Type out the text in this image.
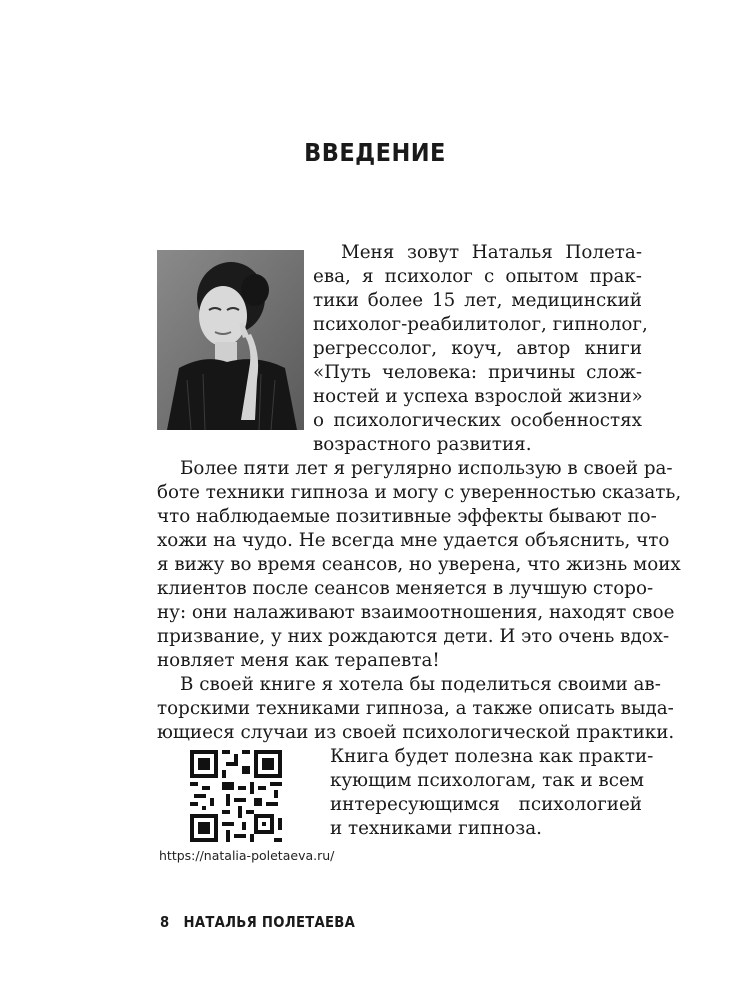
ВВЕДЕНИЕ
Меня зовут Наталья Полета-
ева, я психолог с опытом прак-
тики более 15 лет, медицинский
психолог-реабилитолог, гипнолог,
регрессолог, коуч, автор книги
«Путь человека: причины слож-
ностей и успеха взрослой жизни»
о психологических особенностях
возрастного развития.
Более пяти лет я регулярно использую в своей ра-
боте техники гипноза и могу с уверенностью сказать,
что наблюдаемые позитивные эффекты бывают по-
хожи на чудо. Не всегда мне удается объяснить, что
я вижу во время сеансов, но уверена, что жизнь моих
клиентов после сеансов меняется в лучшую сторо-
ну: они налаживают взаимоотношения, находят свое
призвание, у них рождаются дети. И это очень вдох-
новляет меня как терапевта!
В своей книге я хотела бы поделиться своими ав-
торскими техниками гипноза, а также описать выда-
ющиеся случаи из своей психологической практики.
Книга будет полезна как практи-
кующим психологам, так и всем
интересующимся психологией
и техниками гипноза.
https://natalia-poletaeva.ru/
8 НАТАЛЬЯ ПОЛЕТАЕВА
